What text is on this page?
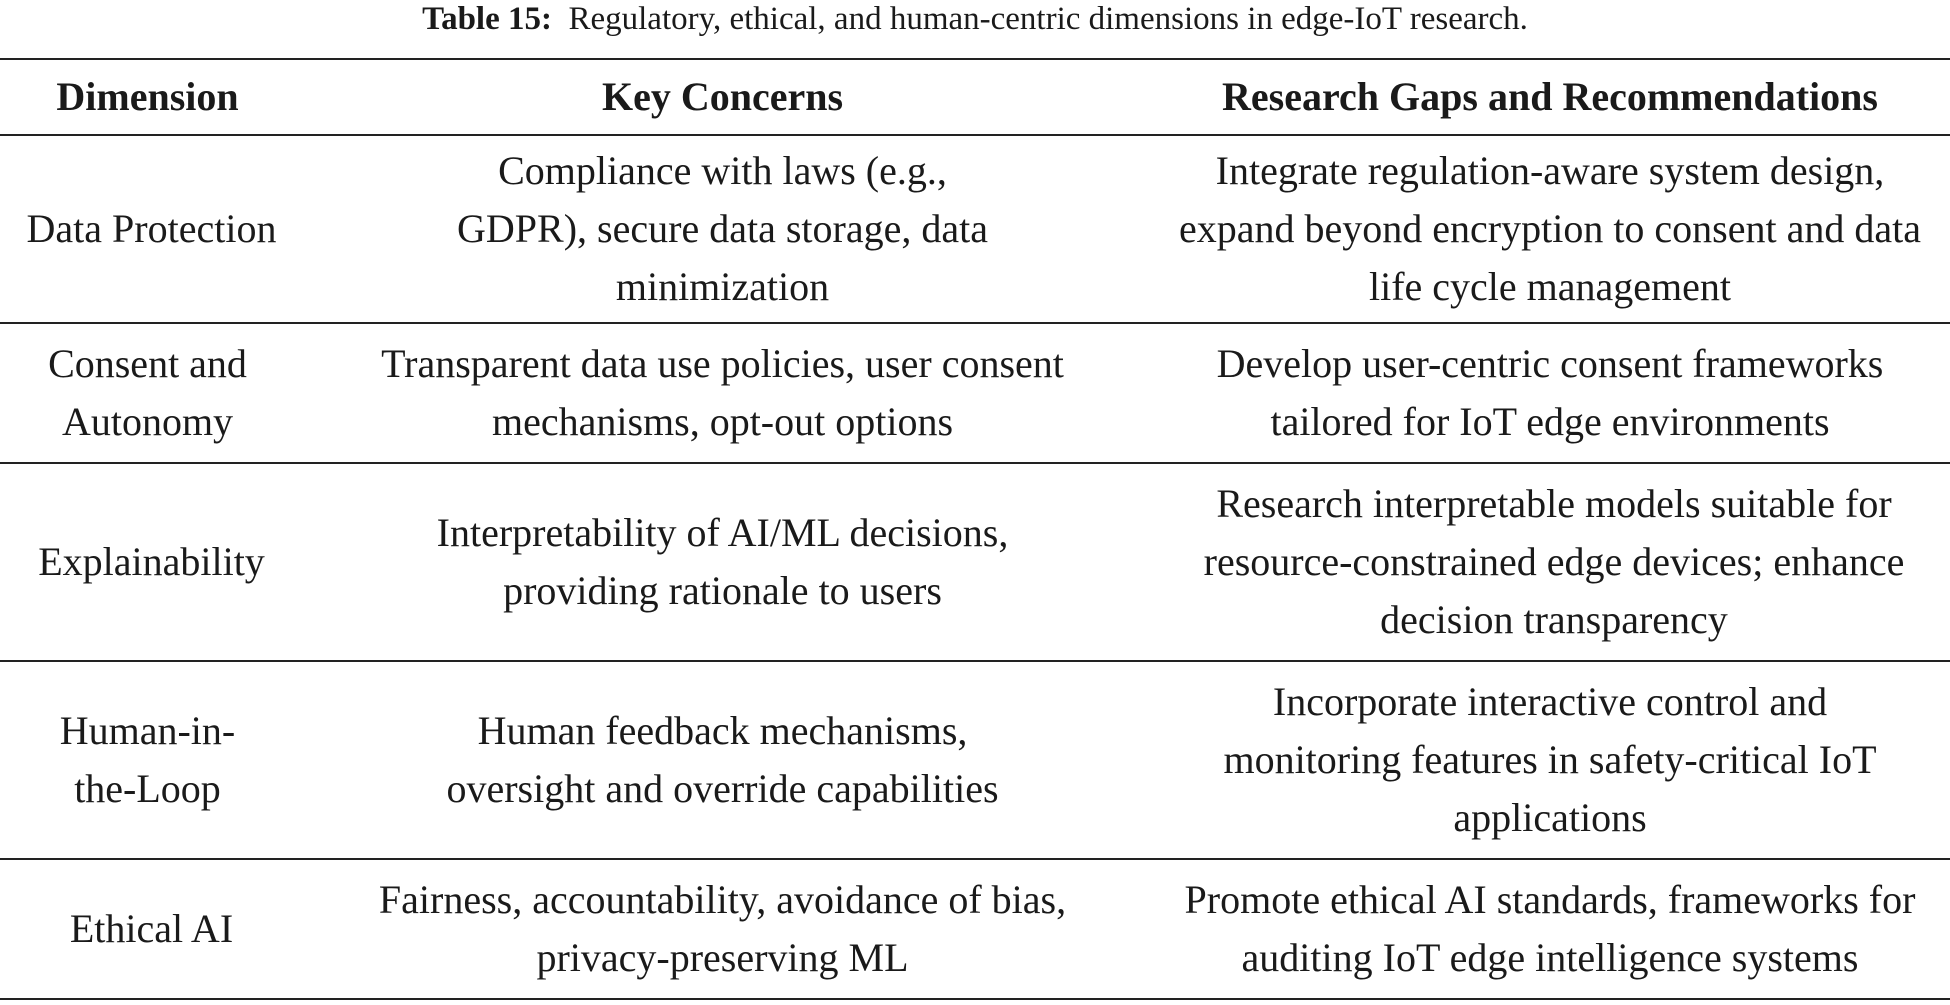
Table 15: Regulatory, ethical, and human-centric dimensions in edge-IoT research.
Dimension	Key Concerns	Research Gaps and Recommendations
Data Protection	Compliance with laws (e.g., GDPR), secure data storage, data minimization	Integrate regulation-aware system design, expand beyond encryption to consent and data life cycle management
Consent and Autonomy	Transparent data use policies, user consent mechanisms, opt-out options	Develop user-centric consent frameworks tailored for IoT edge environments
Explainability	Interpretability of AI/ML decisions, providing rationale to users	Research interpretable models suitable for resource-constrained edge devices; enhance decision transparency
Human-in-the-Loop	Human feedback mechanisms, oversight and override capabilities	Incorporate interactive control and monitoring features in safety-critical IoT applications
Ethical AI	Fairness, accountability, avoidance of bias, privacy-preserving ML	Promote ethical AI standards, frameworks for auditing IoT edge intelligence systems
